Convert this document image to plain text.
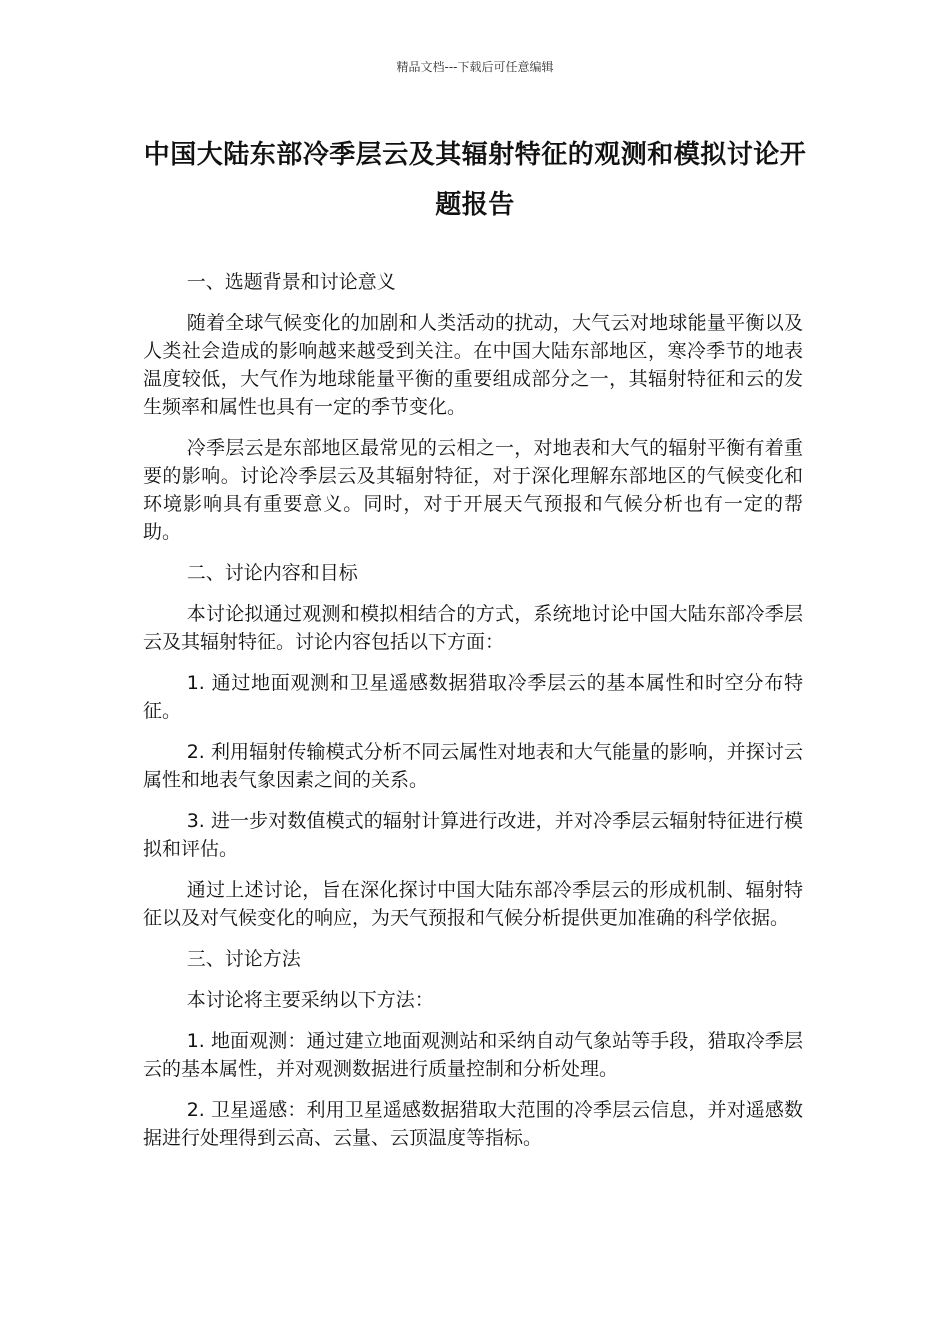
精品文档---下载后可任意编辑
中国大陆东部冷季层云及其辐射特征的观测和模拟讨论开题报告
一、选题背景和讨论意义

随着全球气候变化的加剧和人类活动的扰动，大气云对地球能量平衡以及人类社会造成的影响越来越受到关注。在中国大陆东部地区，寒冷季节的地表温度较低，大气作为地球能量平衡的重要组成部分之一，其辐射特征和云的发生频率和属性也具有一定的季节变化。

冷季层云是东部地区最常见的云相之一，对地表和大气的辐射平衡有着重要的影响。讨论冷季层云及其辐射特征，对于深化理解东部地区的气候变化和环境影响具有重要意义。同时，对于开展天气预报和气候分析也有一定的帮助。

二、讨论内容和目标

本讨论拟通过观测和模拟相结合的方式，系统地讨论中国大陆东部冷季层云及其辐射特征。讨论内容包括以下方面：

1. 通过地面观测和卫星遥感数据猎取冷季层云的基本属性和时空分布特征。

2. 利用辐射传输模式分析不同云属性对地表和大气能量的影响，并探讨云属性和地表气象因素之间的关系。

3. 进一步对数值模式的辐射计算进行改进，并对冷季层云辐射特征进行模拟和评估。

通过上述讨论，旨在深化探讨中国大陆东部冷季层云的形成机制、辐射特征以及对气候变化的响应，为天气预报和气候分析提供更加准确的科学依据。

三、讨论方法

本讨论将主要采纳以下方法：

1. 地面观测：通过建立地面观测站和采纳自动气象站等手段，猎取冷季层云的基本属性，并对观测数据进行质量控制和分析处理。

2. 卫星遥感：利用卫星遥感数据猎取大范围的冷季层云信息，并对遥感数据进行处理得到云高、云量、云顶温度等指标。
